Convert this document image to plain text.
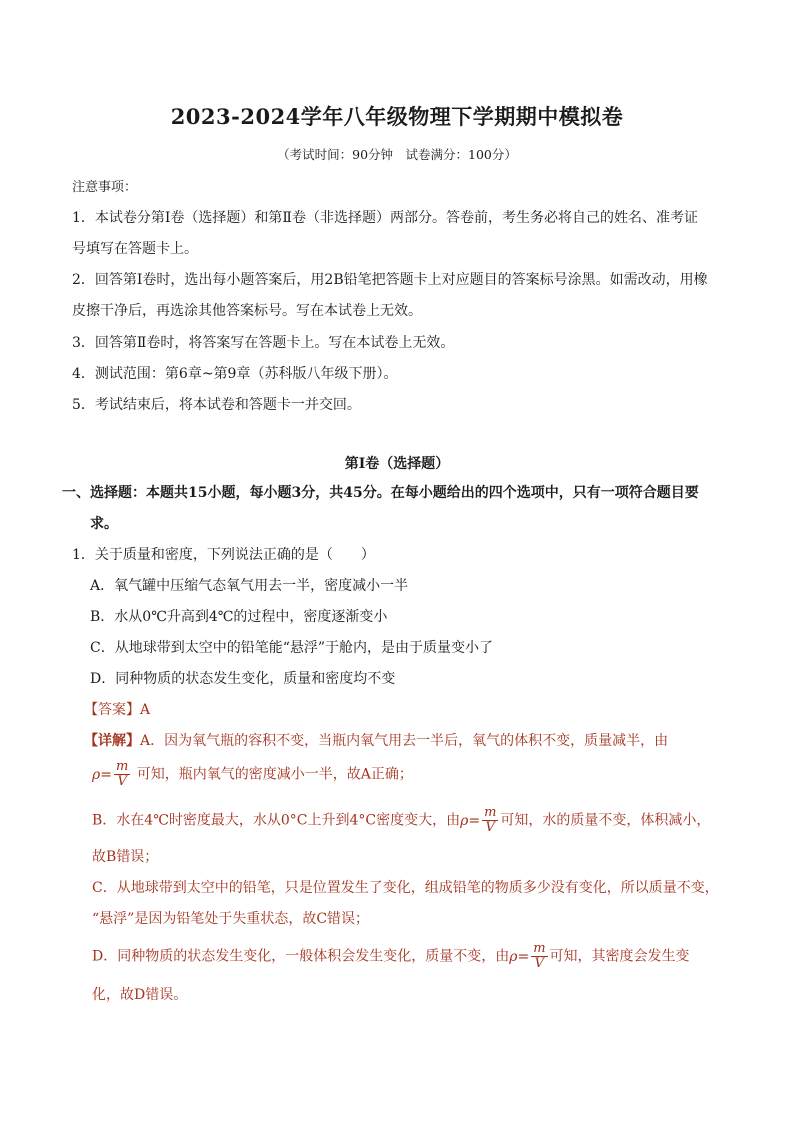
2023-2024学年八年级物理下学期期中模拟卷
（考试时间：90分钟　试卷满分：100分）
注意事项：
1．本试卷分第Ⅰ卷（选择题）和第Ⅱ卷（非选择题）两部分。答卷前，考生务必将自己的姓名、准考证
号填写在答题卡上。
2．回答第Ⅰ卷时，选出每小题答案后，用2B铅笔把答题卡上对应题目的答案标号涂黑。如需改动，用橡
皮擦干净后，再选涂其他答案标号。写在本试卷上无效。
3．回答第Ⅱ卷时，将答案写在答题卡上。写在本试卷上无效。
4．测试范围：第6章~第9章（苏科版八年级下册）。
5．考试结束后，将本试卷和答题卡一并交回。
第Ⅰ卷（选择题）
一、选择题：本题共15小题，每小题3分，共45分。在每小题给出的四个选项中，只有一项符合题目要
求。
1．关于质量和密度，下列说法正确的是（　　）
A．氧气罐中压缩气态氧气用去一半，密度减小一半
B．水从0℃升高到4℃的过程中，密度逐渐变小
C．从地球带到太空中的铅笔能“悬浮”于舱内，是由于质量变小了
D．同种物质的状态发生变化，质量和密度均不变
【答案】A
【详解】A．因为氧气瓶的容积不变，当瓶内氧气用去一半后，氧气的体积不变，质量减半，由
$\rho= \frac{m}{V}$ 可知，瓶内氧气的密度减小一半，故A正确；
B．水在4℃时密度最大，水从0°C上升到4°C密度变大，由$\rho= \frac{m}{V}$ 可知，水的质量不变，体积减小，
故B错误；
C．从地球带到太空中的铅笔，只是位置发生了变化，组成铅笔的物质多少没有变化，所以质量不变，
“悬浮”是因为铅笔处于失重状态，故C错误；
D．同种物质的状态发生变化，一般体积会发生变化，质量不变，由$\rho= \frac{m}{V}$ 可知，其密度会发生变
化，故D错误。
